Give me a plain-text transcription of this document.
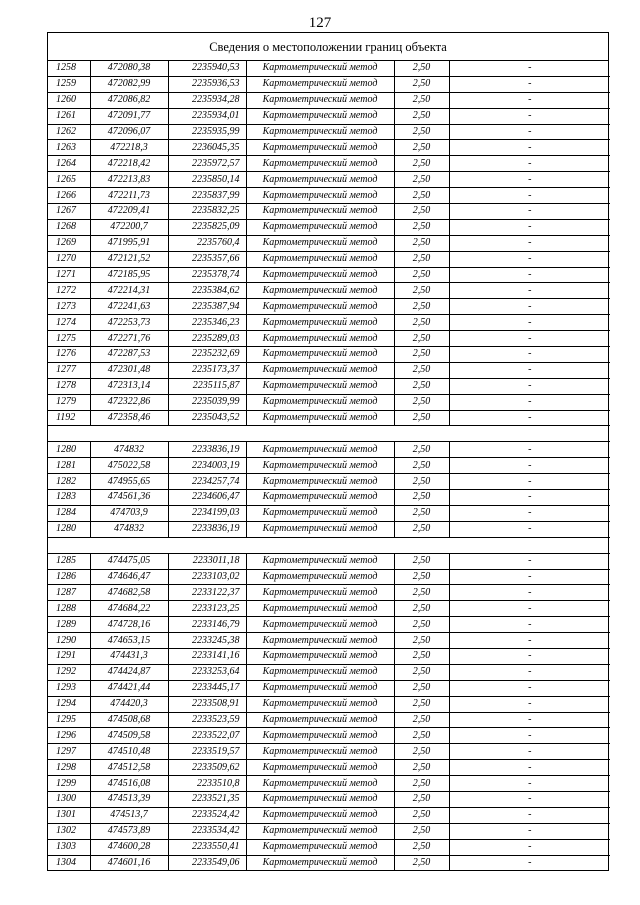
127
Сведения о местоположении границ объекта
1258	472080,38	2235940,53	Картометрический метод	2,50	-
1259	472082,99	2235936,53	Картометрический метод	2,50	-
1260	472086,82	2235934,28	Картометрический метод	2,50	-
1261	472091,77	2235934,01	Картометрический метод	2,50	-
1262	472096,07	2235935,99	Картометрический метод	2,50	-
1263	472218,3	2236045,35	Картометрический метод	2,50	-
1264	472218,42	2235972,57	Картометрический метод	2,50	-
1265	472213,83	2235850,14	Картометрический метод	2,50	-
1266	472211,73	2235837,99	Картометрический метод	2,50	-
1267	472209,41	2235832,25	Картометрический метод	2,50	-
1268	472200,7	2235825,09	Картометрический метод	2,50	-
1269	471995,91	2235760,4	Картометрический метод	2,50	-
1270	472121,52	2235357,66	Картометрический метод	2,50	-
1271	472185,95	2235378,74	Картометрический метод	2,50	-
1272	472214,31	2235384,62	Картометрический метод	2,50	-
1273	472241,63	2235387,94	Картометрический метод	2,50	-
1274	472253,73	2235346,23	Картометрический метод	2,50	-
1275	472271,76	2235289,03	Картометрический метод	2,50	-
1276	472287,53	2235232,69	Картометрический метод	2,50	-
1277	472301,48	2235173,37	Картометрический метод	2,50	-
1278	472313,14	2235115,87	Картометрический метод	2,50	-
1279	472322,86	2235039,99	Картометрический метод	2,50	-
1192	472358,46	2235043,52	Картометрический метод	2,50	-

1280	474832	2233836,19	Картометрический метод	2,50	-
1281	475022,58	2234003,19	Картометрический метод	2,50	-
1282	474955,65	2234257,74	Картометрический метод	2,50	-
1283	474561,36	2234606,47	Картометрический метод	2,50	-
1284	474703,9	2234199,03	Картометрический метод	2,50	-
1280	474832	2233836,19	Картометрический метод	2,50	-

1285	474475,05	2233011,18	Картометрический метод	2,50	-
1286	474646,47	2233103,02	Картометрический метод	2,50	-
1287	474682,58	2233122,37	Картометрический метод	2,50	-
1288	474684,22	2233123,25	Картометрический метод	2,50	-
1289	474728,16	2233146,79	Картометрический метод	2,50	-
1290	474653,15	2233245,38	Картометрический метод	2,50	-
1291	474431,3	2233141,16	Картометрический метод	2,50	-
1292	474424,87	2233253,64	Картометрический метод	2,50	-
1293	474421,44	2233445,17	Картометрический метод	2,50	-
1294	474420,3	2233508,91	Картометрический метод	2,50	-
1295	474508,68	2233523,59	Картометрический метод	2,50	-
1296	474509,58	2233522,07	Картометрический метод	2,50	-
1297	474510,48	2233519,57	Картометрический метод	2,50	-
1298	474512,58	2233509,62	Картометрический метод	2,50	-
1299	474516,08	2233510,8	Картометрический метод	2,50	-
1300	474513,39	2233521,35	Картометрический метод	2,50	-
1301	474513,7	2233524,42	Картометрический метод	2,50	-
1302	474573,89	2233534,42	Картометрический метод	2,50	-
1303	474600,28	2233550,41	Картометрический метод	2,50	-
1304	474601,16	2233549,06	Картометрический метод	2,50	-
